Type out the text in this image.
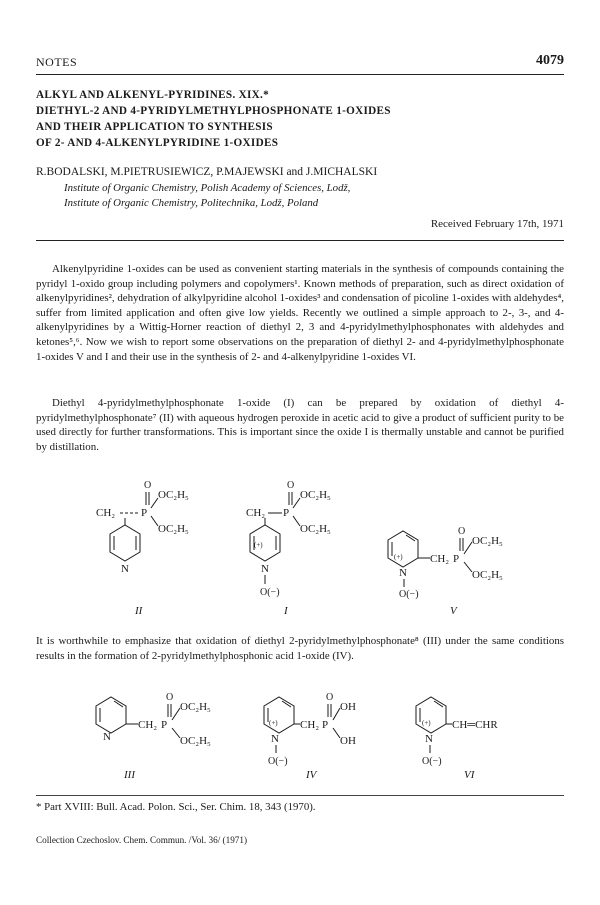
NOTES	4079
ALKYL AND ALKENYL-PYRIDINES. XIX.*
DIETHYL-2 AND 4-PYRIDYLMETHYLPHOSPHONATE 1-OXIDES
AND THEIR APPLICATION TO SYNTHESIS
OF 2- AND 4-ALKENYLPYRIDINE 1-OXIDES
R.BODALSKI, M.PIETRUSIEWICZ, P.MAJEWSKI and J.MICHALSKI
Institute of Organic Chemistry, Polish Academy of Sciences, Lodž,
Institute of Organic Chemistry, Politechnika, Lodž, Poland
Received February 17th, 1971
Alkenylpyridine 1-oxides can be used as convenient starting materials in the synthesis of compounds containing the pyridyl 1-oxido group including polymers and copolymers¹. Known methods of preparation, such as direct oxidation of alkenylpyridines², dehydration of alkylpyridine alcohol 1-oxides³ and condensation of picoline 1-oxides with aldehydes⁴, suffer from limited application and often give low yields. Recently we outlined a simple approach to 2-, 3-, and 4-alkenylpyridines by a Wittig-Horner reaction of diethyl 2, 3 and 4-pyridylmethylphosphonates with aldehydes and ketones⁵,⁶. Now we wish to report some observations on the preparation of diethyl 2- and 4-pyridylmethylphosphonate 1-oxides V and I and their use in the synthesis of 2- and 4-alkenylpyridine 1-oxides VI.
Diethyl 4-pyridylmethylphosphonate 1-oxide (I) can be prepared by oxidation of diethyl 4-pyridylmethylphosphonate⁷ (II) with aqueous hydrogen peroxide in acetic acid to give a product of sufficient purity to be used directly for further transformations. This is important since the oxide I is thermally unstable and cannot be purified by distillation.
CH₂ P
O
OC₂H₅
OC₂H₅
N
II
CH₂ P
O
OC₂H₅
OC₂H₅
(+)
N
O(−)
I
(+)
N
O(−)
CH₂ P
O
OC₂H₅
OC₂H₅
V
It is worthwhile to emphasize that oxidation of diethyl 2-pyridylmethylphosphonate⁸ (III) under the same conditions results in the formation of 2-pyridylmethylphosphonic acid 1-oxide (IV).
N
CH₂ P
O
OC₂H₅
OC₂H₅
III
(+)
N
O(−)
CH₂ P
O
OH
OH
IV
(+)
N
O(−)
CH═CHR
VI
* Part XVIII: Bull. Acad. Polon. Sci., Ser. Chim. 18, 343 (1970).
Collection Czechoslov. Chem. Commun. /Vol. 36/ (1971)
